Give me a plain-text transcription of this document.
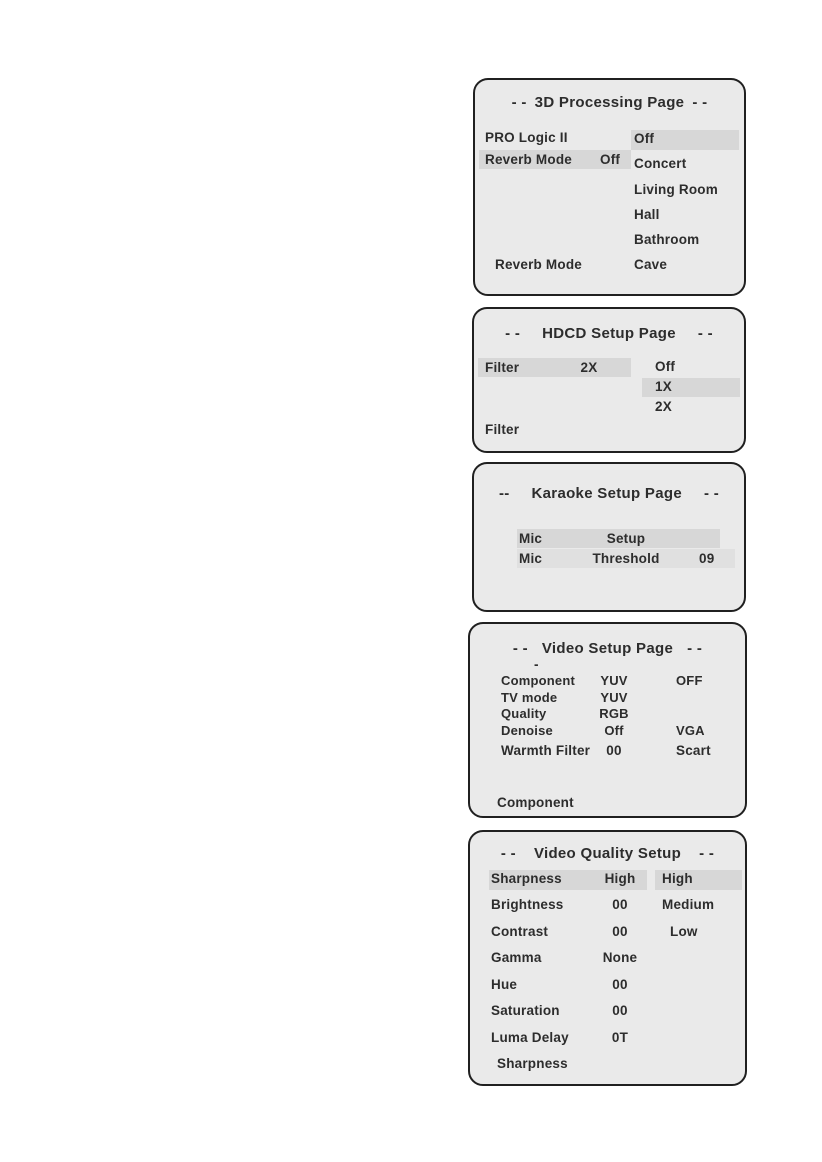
- - 3D Processing Page - -
PRO Logic II
Reverb Mode Off
Off
Concert
Living Room
Hall
Bathroom
Cave
Reverb Mode
- - HDCD Setup Page - -
Filter	2X	Off
1X
2X
Filter
-- Karaoke Setup Page - -
Mic	Setup
Mic	Threshold	09
- - Video Setup Page - -
-
Component	YUV	OFF
TV mode	YUV
Quality	RGB
Denoise	Off	VGA
Warmth Filter	00	Scart
Component
- - Video Quality Setup - -
Sharpness	High	High
Brightness	00	Medium
Contrast	00	Low
Gamma	None
Hue	00
Saturation	00
Luma Delay	0T
Sharpness
